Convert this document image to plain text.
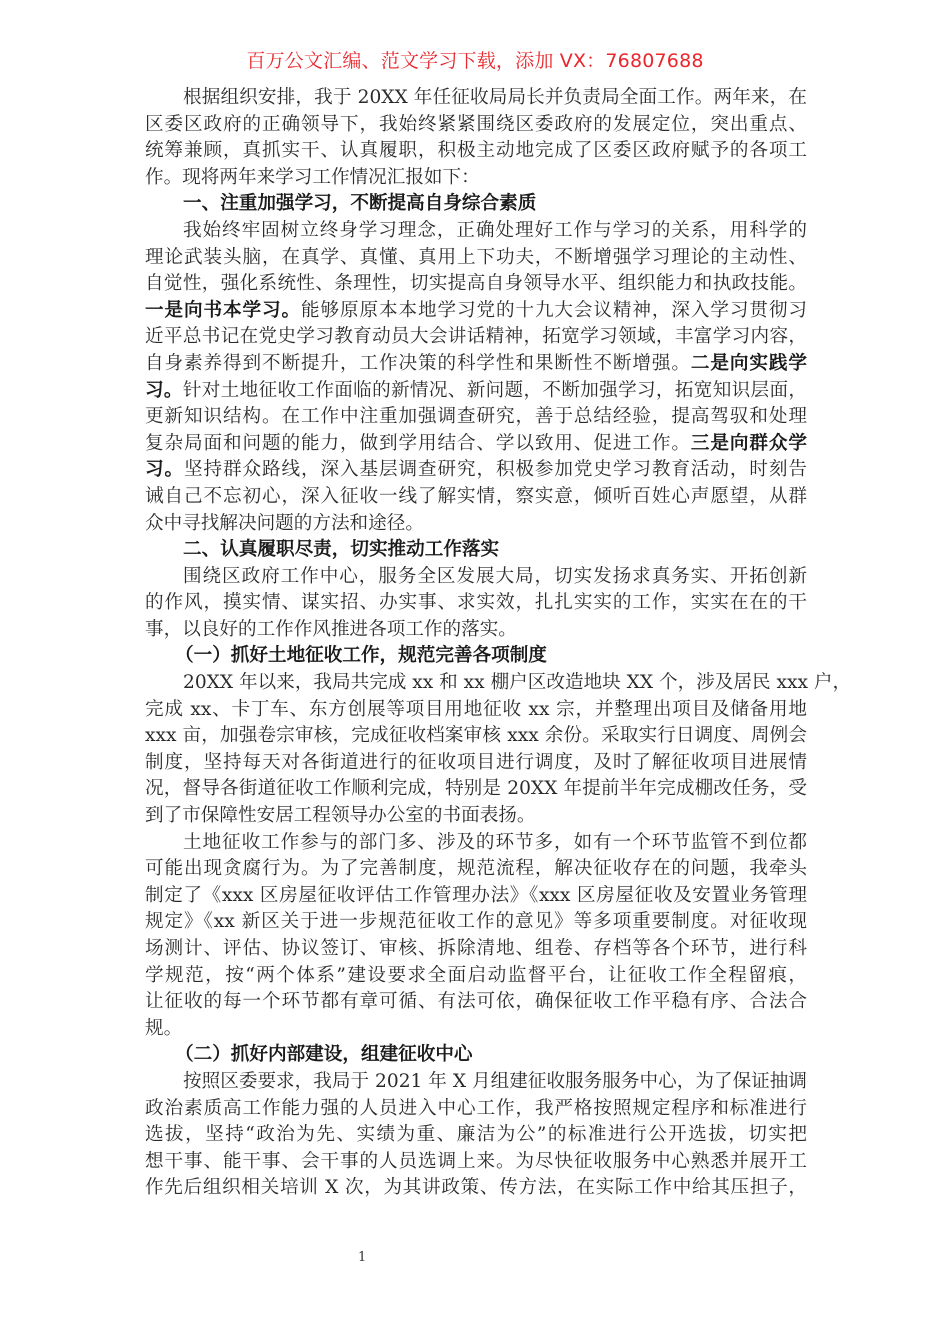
百万公文汇编、范文学习下载，添加 VX：76807688
根据组织安排，我于 20XX 年任征收局局长并负责局全面工作。两年来，在
区委区政府的正确领导下，我始终紧紧围绕区委政府的发展定位，突出重点、
统筹兼顾，真抓实干、认真履职，积极主动地完成了区委区政府赋予的各项工
作。现将两年来学习工作情况汇报如下：
一、注重加强学习，不断提高自身综合素质
我始终牢固树立终身学习理念，正确处理好工作与学习的关系，用科学的
理论武装头脑，在真学、真懂、真用上下功夫，不断增强学习理论的主动性、
自觉性，强化系统性、条理性，切实提高自身领导水平、组织能力和执政技能。
一是向书本学习。能够原原本本地学习党的十九大会议精神，深入学习贯彻习
近平总书记在党史学习教育动员大会讲话精神，拓宽学习领域，丰富学习内容，
自身素养得到不断提升，工作决策的科学性和果断性不断增强。二是向实践学
习。针对土地征收工作面临的新情况、新问题，不断加强学习，拓宽知识层面，
更新知识结构。在工作中注重加强调查研究，善于总结经验，提高驾驭和处理
复杂局面和问题的能力，做到学用结合、学以致用、促进工作。三是向群众学
习。坚持群众路线，深入基层调查研究，积极参加党史学习教育活动，时刻告
诫自己不忘初心，深入征收一线了解实情，察实意，倾听百姓心声愿望，从群
众中寻找解决问题的方法和途径。
二、认真履职尽责，切实推动工作落实
围绕区政府工作中心，服务全区发展大局，切实发扬求真务实、开拓创新
的作风，摸实情、谋实招、办实事、求实效，扎扎实实的工作，实实在在的干
事，以良好的工作作风推进各项工作的落实。
（一）抓好土地征收工作，规范完善各项制度
20XX 年以来，我局共完成 xx 和 xx 棚户区改造地块 XX 个，涉及居民 xxx 户，
完成 xx、卡丁车、东方创展等项目用地征收 xx 宗，并整理出项目及储备用地
xxx 亩，加强卷宗审核，完成征收档案审核 xxx 余份。采取实行日调度、周例会
制度，坚持每天对各街道进行的征收项目进行调度，及时了解征收项目进展情
况，督导各街道征收工作顺利完成，特别是 20XX 年提前半年完成棚改任务，受
到了市保障性安居工程领导办公室的书面表扬。
土地征收工作参与的部门多、涉及的环节多，如有一个环节监管不到位都
可能出现贪腐行为。为了完善制度，规范流程，解决征收存在的问题，我牵头
制定了《xxx 区房屋征收评估工作管理办法》《xxx 区房屋征收及安置业务管理
规定》《xx 新区关于进一步规范征收工作的意见》等多项重要制度。对征收现
场测计、评估、协议签订、审核、拆除清地、组卷、存档等各个环节，进行科
学规范，按“两个体系”建设要求全面启动监督平台，让征收工作全程留痕，
让征收的每一个环节都有章可循、有法可依，确保征收工作平稳有序、合法合
规。
（二）抓好内部建设，组建征收中心
按照区委要求，我局于 2021 年 X 月组建征收服务服务中心，为了保证抽调
政治素质高工作能力强的人员进入中心工作，我严格按照规定程序和标准进行
选拔，坚持“政治为先、实绩为重、廉洁为公”的标准进行公开选拔，切实把
想干事、能干事、会干事的人员选调上来。为尽快征收服务中心熟悉并展开工
作先后组织相关培训 X 次，为其讲政策、传方法，在实际工作中给其压担子，
1
